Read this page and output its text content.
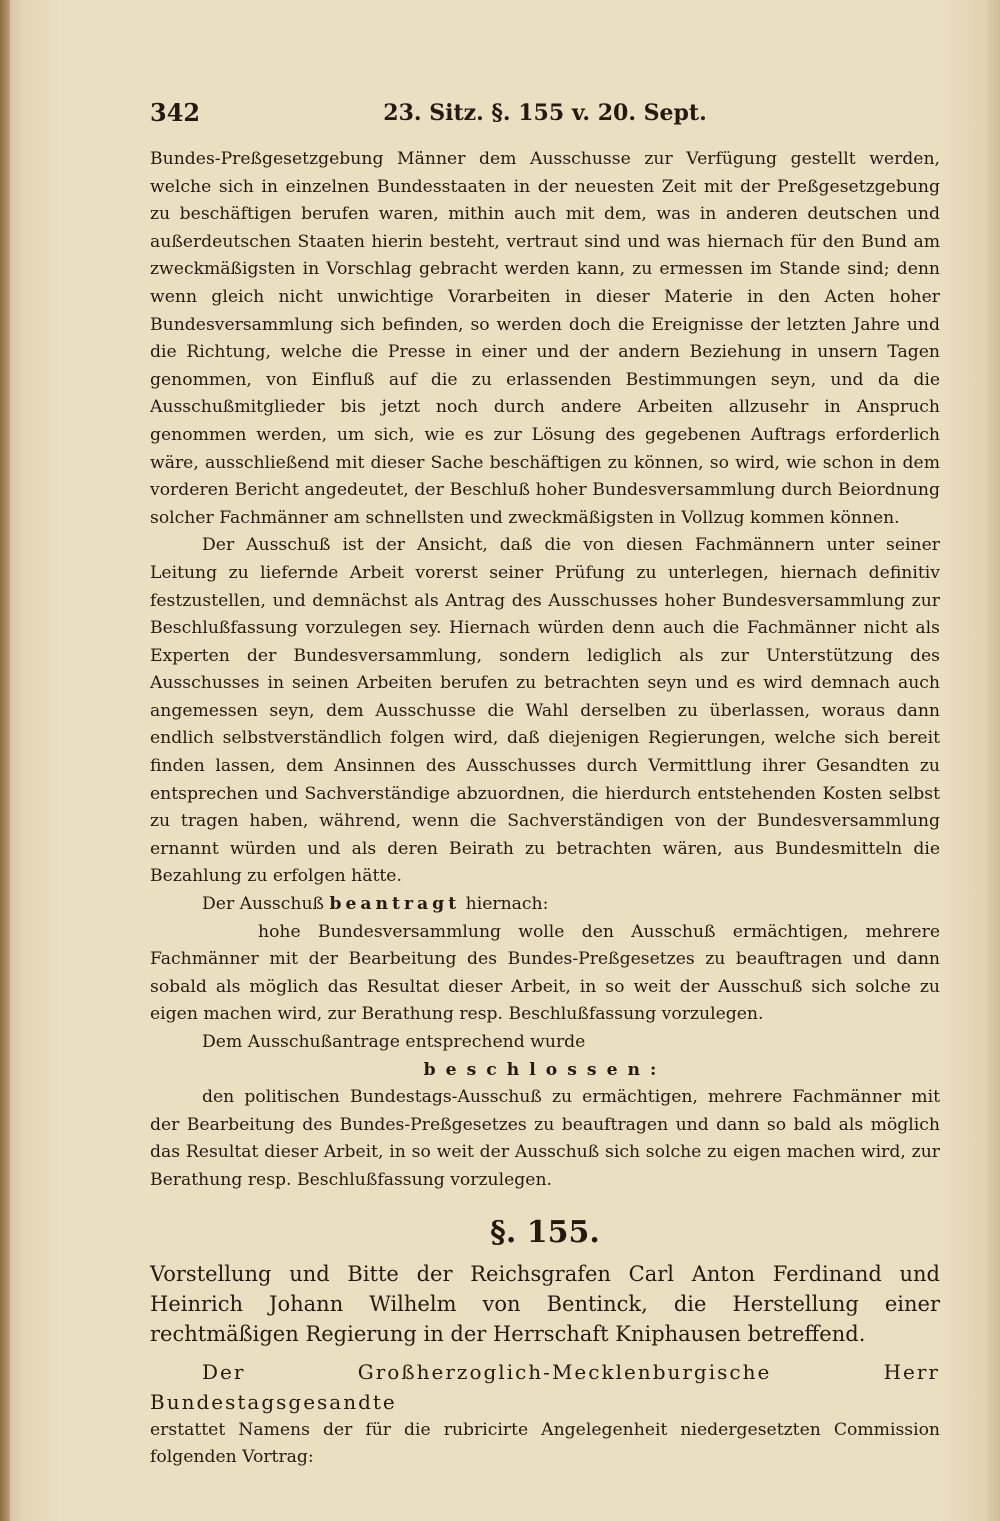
342	23. Sitz. §. 155 v. 20. Sept.

Bundes-Preßgesetzgebung Männer dem Ausschusse zur Verfügung gestellt werden, welche sich in einzelnen Bundesstaaten in der neuesten Zeit mit der Preßgesetzgebung zu beschäftigen berufen waren, mithin auch mit dem, was in anderen deutschen und außerdeutschen Staaten hierin besteht, vertraut sind und was hiernach für den Bund am zweckmäßigsten in Vorschlag gebracht werden kann, zu ermessen im Stande sind; denn wenn gleich nicht unwichtige Vorarbeiten in dieser Materie in den Acten hoher Bundesversammlung sich befinden, so werden doch die Ereignisse der letzten Jahre und die Richtung, welche die Presse in einer und der andern Beziehung in unsern Tagen genommen, von Einfluß auf die zu erlassenden Bestimmungen seyn, und da die Ausschußmitglieder bis jetzt noch durch andere Arbeiten allzusehr in Anspruch genommen werden, um sich, wie es zur Lösung des gegebenen Auftrags erforderlich wäre, ausschließend mit dieser Sache beschäftigen zu können, so wird, wie schon in dem vorderen Bericht angedeutet, der Beschluß hoher Bundesversammlung durch Beiordnung solcher Fachmänner am schnellsten und zweckmäßigsten in Vollzug kommen können.

Der Ausschuß ist der Ansicht, daß die von diesen Fachmännern unter seiner Leitung zu liefernde Arbeit vorerst seiner Prüfung zu unterlegen, hiernach definitiv festzustellen, und demnächst als Antrag des Ausschusses hoher Bundesversammlung zur Beschlußfassung vorzulegen sey. Hiernach würden denn auch die Fachmänner nicht als Experten der Bundesversammlung, sondern lediglich als zur Unterstützung des Ausschusses in seinen Arbeiten berufen zu betrachten seyn und es wird demnach auch angemessen seyn, dem Ausschusse die Wahl derselben zu überlassen, woraus dann endlich selbstverständlich folgen wird, daß diejenigen Regierungen, welche sich bereit finden lassen, dem Ansinnen des Ausschusses durch Vermittlung ihrer Gesandten zu entsprechen und Sachverständige abzuordnen, die hierdurch entstehenden Kosten selbst zu tragen haben, während, wenn die Sachverständigen von der Bundesversammlung ernannt würden und als deren Beirath zu betrachten wären, aus Bundesmitteln die Bezahlung zu erfolgen hätte.

Der Ausschuß beantragt hiernach:

hohe Bundesversammlung wolle den Ausschuß ermächtigen, mehrere Fachmänner mit der Bearbeitung des Bundes-Preßgesetzes zu beauftragen und dann sobald als möglich das Resultat dieser Arbeit, in so weit der Ausschuß sich solche zu eigen machen wird, zur Berathung resp. Beschlußfassung vorzulegen.

Dem Ausschußantrage entsprechend wurde

beschlossen:

den politischen Bundestags-Ausschuß zu ermächtigen, mehrere Fachmänner mit der Bearbeitung des Bundes-Preßgesetzes zu beauftragen und dann so bald als möglich das Resultat dieser Arbeit, in so weit der Ausschuß sich solche zu eigen machen wird, zur Berathung resp. Beschlußfassung vorzulegen.

§. 155.

Vorstellung und Bitte der Reichsgrafen Carl Anton Ferdinand und Heinrich Johann Wilhelm von Bentinck, die Herstellung einer rechtmäßigen Regierung in der Herrschaft Kniphausen betreffend.

Der Großherzoglich-Mecklenburgische Herr Bundestagsgesandte

erstattet Namens der für die rubricirte Angelegenheit niedergesetzten Commission folgenden Vortrag:
